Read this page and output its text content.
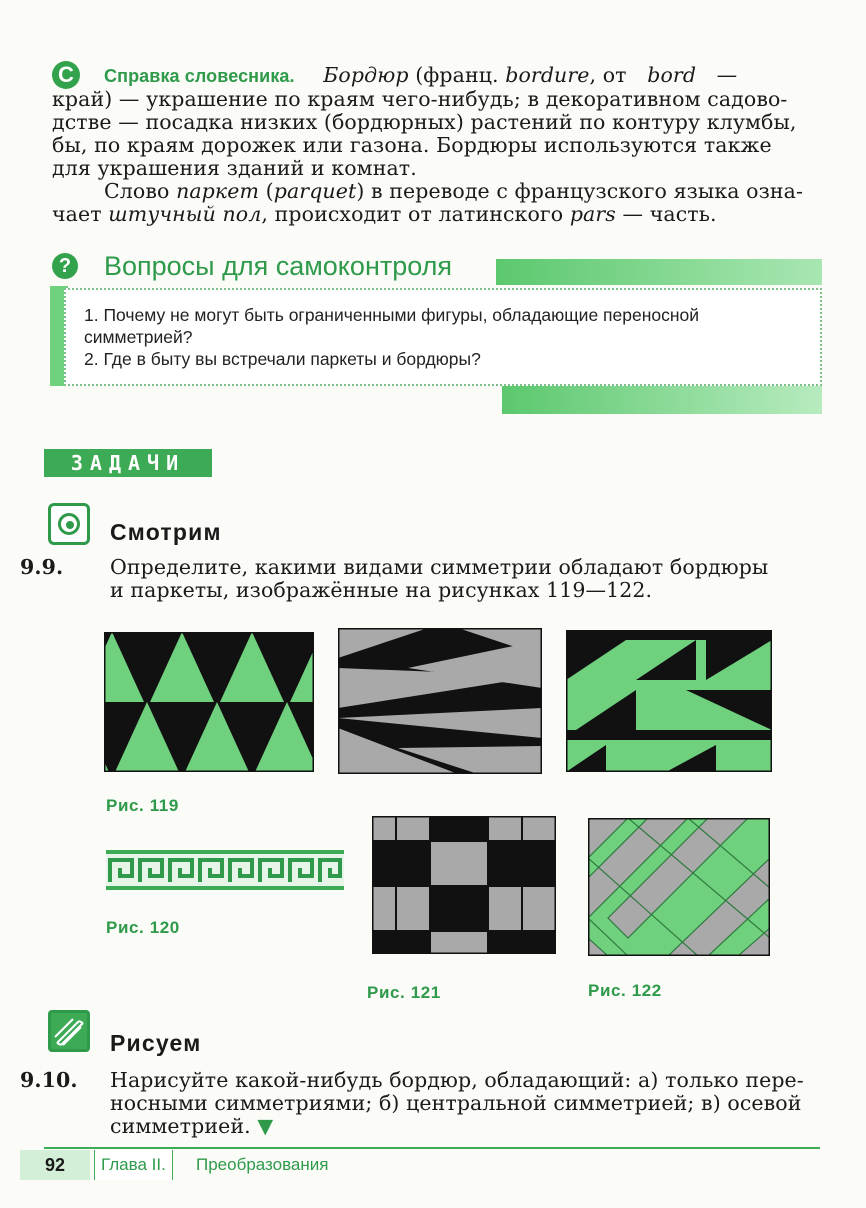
С	Справка словесника. Бордюр (франц. bordure, от bord —
край) — украшение по краям чего-нибудь; в декоративном садово-
дстве — посадка низких (бордюрных) растений по контуру клумбы,
бы, по краям дорожек или газона. Бордюры используются также
для украшения зданий и комнат.
Слово паркет (parquet) в переводе с французского языка озна-
чает штучный пол, происходит от латинского pars — часть.
? Вопросы для самоконтроля
1. Почему не могут быть ограниченными фигуры, обладающие переносной
симметрией?
2. Где в быту вы встречали паркеты и бордюры?
ЗАДАЧИ
Смотрим
9.9. Определите, какими видами симметрии обладают бордюры
и паркеты, изображённые на рисунках 119—122.
Рис. 119
Рис. 120
Рис. 121	Рис. 122
Рисуем
9.10. Нарисуйте какой-нибудь бордюр, обладающий: а) только пере-
носными симметриями; б) центральной симметрией; в) осевой
симметрией. ▼
92	Глава II.	Преобразования
